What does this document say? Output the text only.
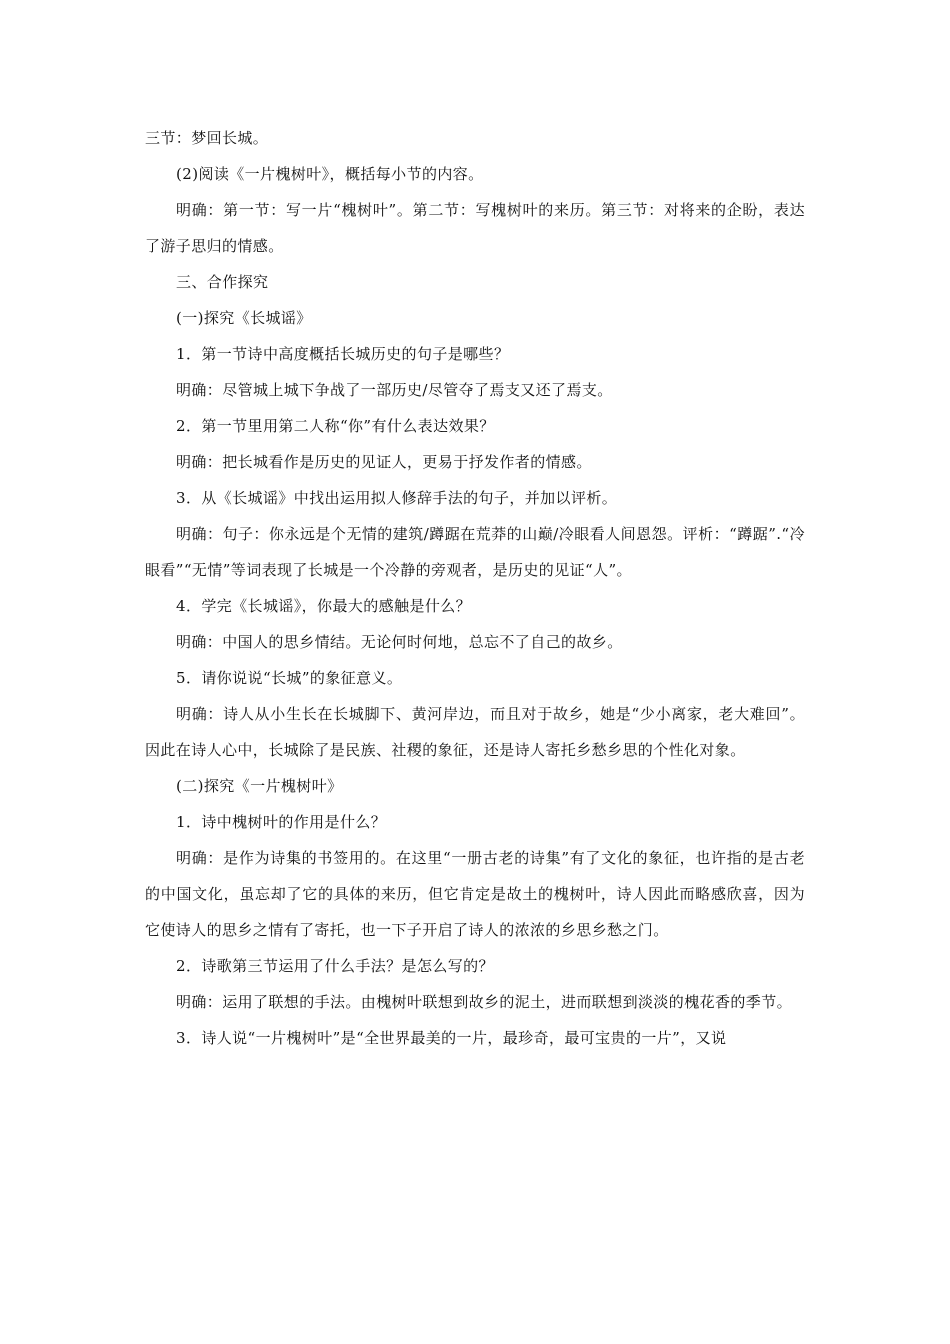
三节：梦回长城。

(2)阅读《一片槐树叶》，概括每小节的内容。

明确：第一节：写一片“槐树叶”。第二节：写槐树叶的来历。第三节：对将来的企盼，表达了游子思归的情感。

三、合作探究

(一)探究《长城谣》

1．第一节诗中高度概括长城历史的句子是哪些？

明确：尽管城上城下争战了一部历史/尽管夺了焉支又还了焉支。

2．第一节里用第二人称“你”有什么表达效果？

明确：把长城看作是历史的见证人，更易于抒发作者的情感。

3．从《长城谣》中找出运用拟人修辞手法的句子，并加以评析。

明确：句子：你永远是个无情的建筑/蹲踞在荒莽的山巅/冷眼看人间恩怨。评析：“蹲踞”.“冷眼看”“无情”等词表现了长城是一个冷静的旁观者，是历史的见证“人”。

4．学完《长城谣》，你最大的感触是什么？

明确：中国人的思乡情结。无论何时何地，总忘不了自己的故乡。

5．请你说说“长城”的象征意义。

明确：诗人从小生长在长城脚下、黄河岸边，而且对于故乡，她是“少小离家，老大难回”。因此在诗人心中，长城除了是民族、社稷的象征，还是诗人寄托乡愁乡思的个性化对象。

(二)探究《一片槐树叶》

1．诗中槐树叶的作用是什么？

明确：是作为诗集的书签用的。在这里“一册古老的诗集”有了文化的象征，也许指的是古老的中国文化，虽忘却了它的具体的来历，但它肯定是故土的槐树叶，诗人因此而略感欣喜，因为它使诗人的思乡之情有了寄托，也一下子开启了诗人的浓浓的乡思乡愁之门。

2．诗歌第三节运用了什么手法？是怎么写的？

明确：运用了联想的手法。由槐树叶联想到故乡的泥土，进而联想到淡淡的槐花香的季节。

3．诗人说“一片槐树叶”是“全世界最美的一片，最珍奇，最可宝贵的一片”，又说
